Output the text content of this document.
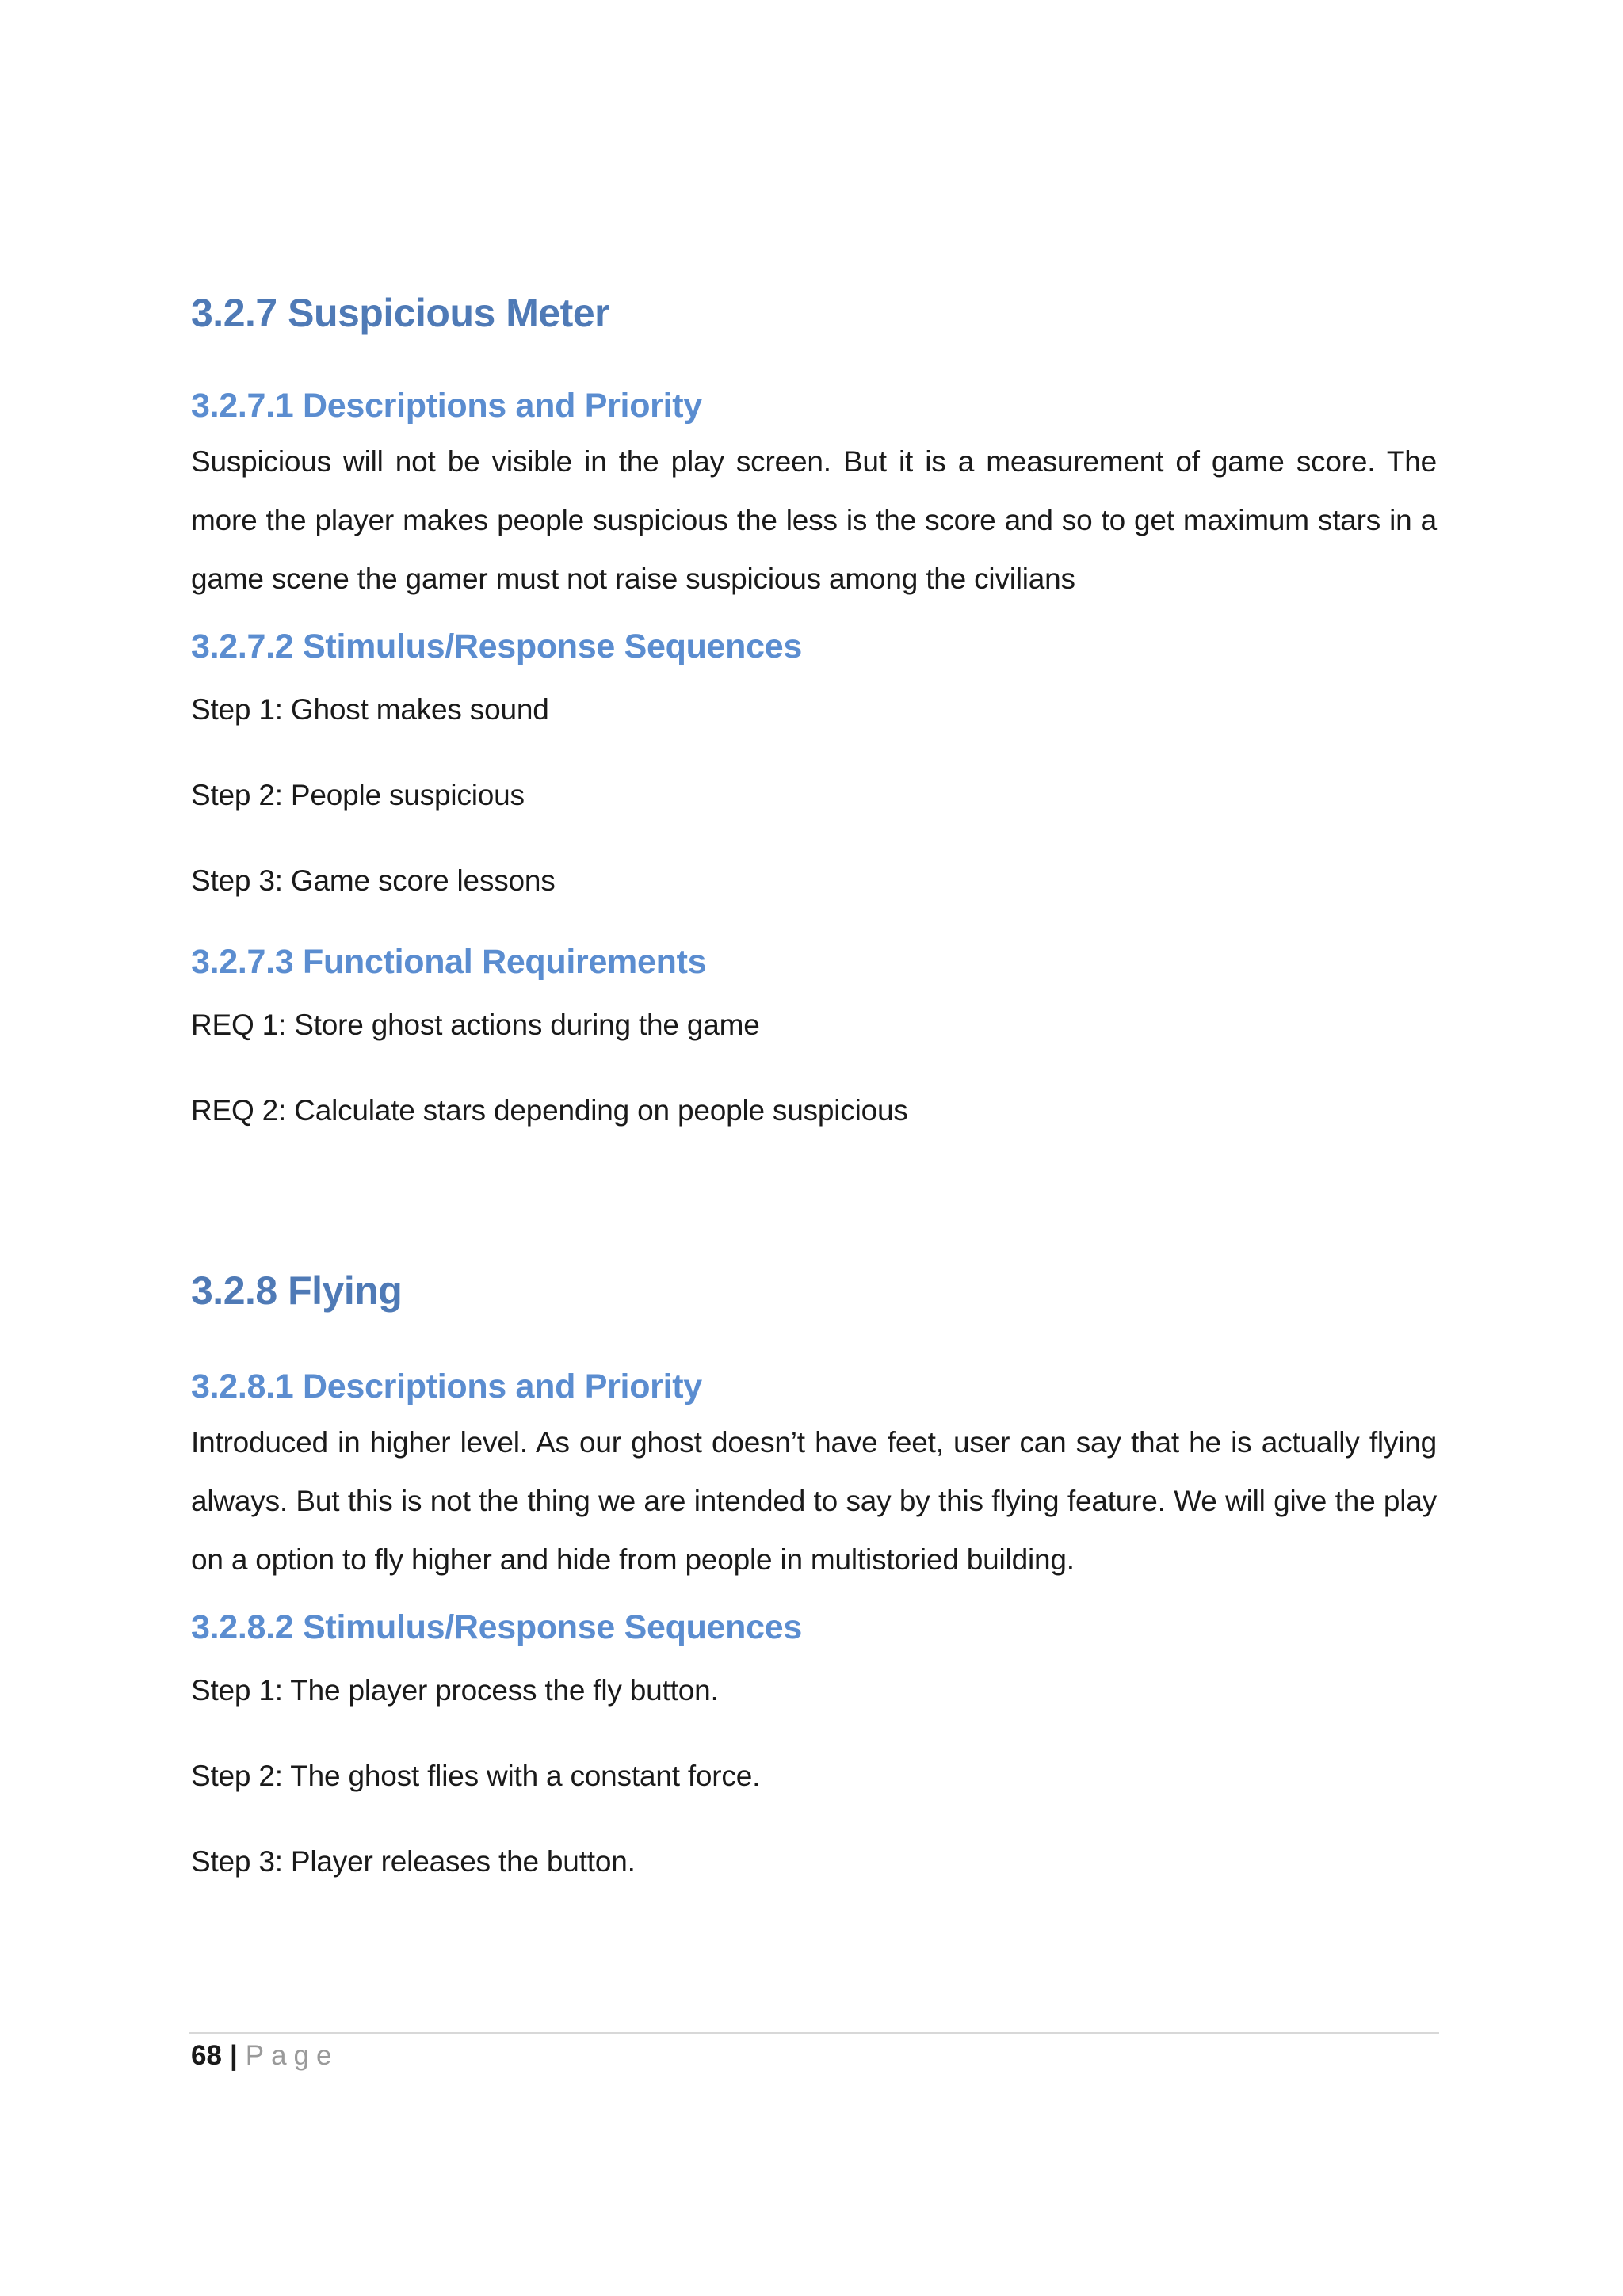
3.2.7 Suspicious Meter
3.2.7.1 Descriptions and Priority

Suspicious will not be visible in the play screen. But it is a measurement of game score. The more the player makes people suspicious the less is the score and so to get maximum stars in a game scene the gamer must not raise suspicious among the civilians

3.2.7.2 Stimulus/Response Sequences

Step 1: Ghost makes sound

Step 2: People suspicious

Step 3: Game score lessons

3.2.7.3 Functional Requirements

REQ 1: Store ghost actions during the game

REQ 2: Calculate stars depending on people suspicious

3.2.8 Flying
3.2.8.1 Descriptions and Priority

Introduced in higher level. As our ghost doesn’t have feet, user can say that he is actually flying always. But this is not the thing we are intended to say by this flying feature. We will give the play on a option to fly higher and hide from people in multistoried building.

3.2.8.2 Stimulus/Response Sequences

Step 1: The player process the fly button.

Step 2: The ghost flies with a constant force.

Step 3: Player releases the button.

68 | Page
